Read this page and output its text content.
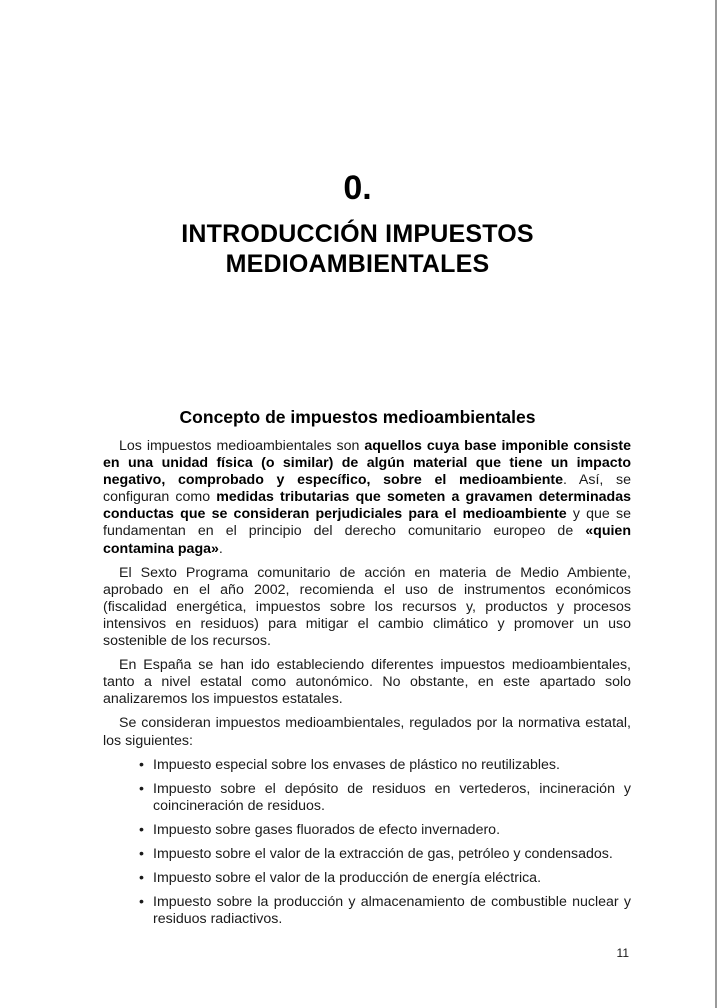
0.
INTRODUCCIÓN IMPUESTOS
MEDIOAMBIENTALES
Concepto de impuestos medioambientales

Los impuestos medioambientales son aquellos cuya base imponible consiste en una unidad física (o similar) de algún material que tiene un impacto negativo, comprobado y específico, sobre el medioambiente. Así, se configuran como medidas tributarias que someten a gravamen determinadas conductas que se consideran perjudiciales para el medioambiente y que se fundamentan en el principio del derecho comunitario europeo de «quien contamina paga».

El Sexto Programa comunitario de acción en materia de Medio Ambiente, aprobado en el año 2002, recomienda el uso de instrumentos económicos (fiscalidad energética, impuestos sobre los recursos y, productos y procesos intensivos en residuos) para mitigar el cambio climático y promover un uso sostenible de los recursos.

En España se han ido estableciendo diferentes impuestos medioambientales, tanto a nivel estatal como autonómico. No obstante, en este apartado solo analizaremos los impuestos estatales.

Se consideran impuestos medioambientales, regulados por la normativa estatal, los siguientes:

• Impuesto especial sobre los envases de plástico no reutilizables.
• Impuesto sobre el depósito de residuos en vertederos, incineración y coincineración de residuos.
• Impuesto sobre gases fluorados de efecto invernadero.
• Impuesto sobre el valor de la extracción de gas, petróleo y condensados.
• Impuesto sobre el valor de la producción de energía eléctrica.
• Impuesto sobre la producción y almacenamiento de combustible nuclear y residuos radiactivos.
11
